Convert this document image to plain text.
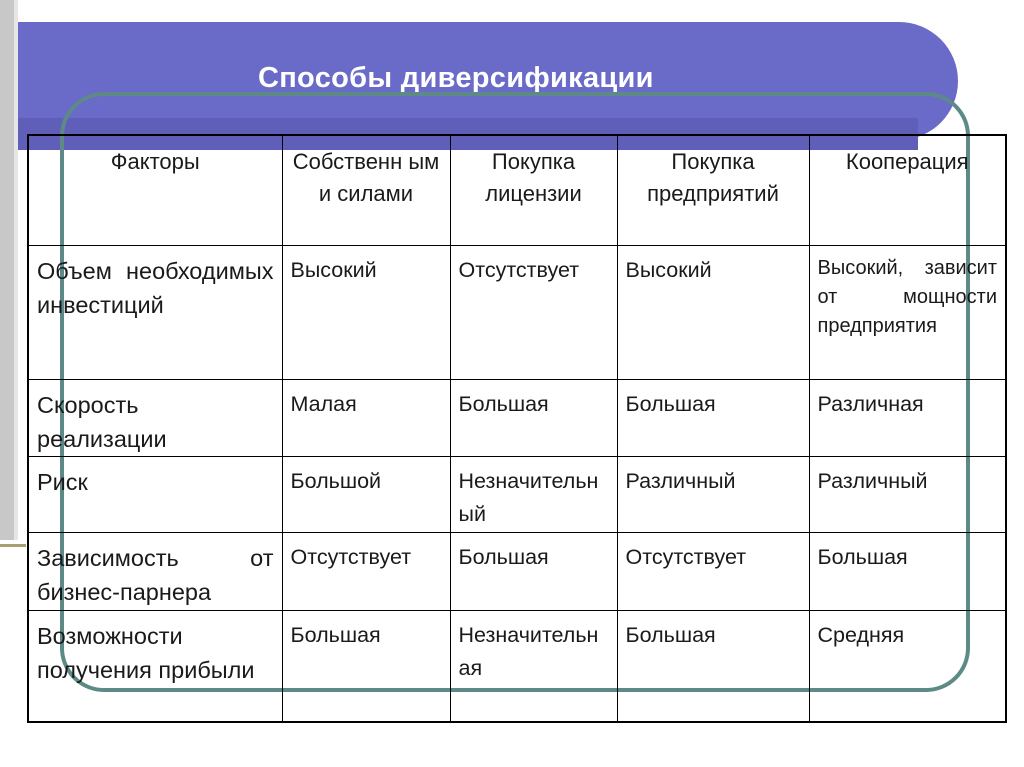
Способы диверсификации
Факторы	Собственн ыми силами	Покупка лицензии	Покупка предприятий	Кооперация
Объем необходимых инвестиций	Высокий	Отсутствует	Высокий	Высокий, зависит от мощности предприятия
Скорость реализации	Малая	Большая	Большая	Различная
Риск	Большой	Незначительный	Различный	Различный
Зависимость от бизнес-парнера	Отсутствует	Большая	Отсутствует	Большая
Возможности получения прибыли	Большая	Незначительная	Большая	Средняя
